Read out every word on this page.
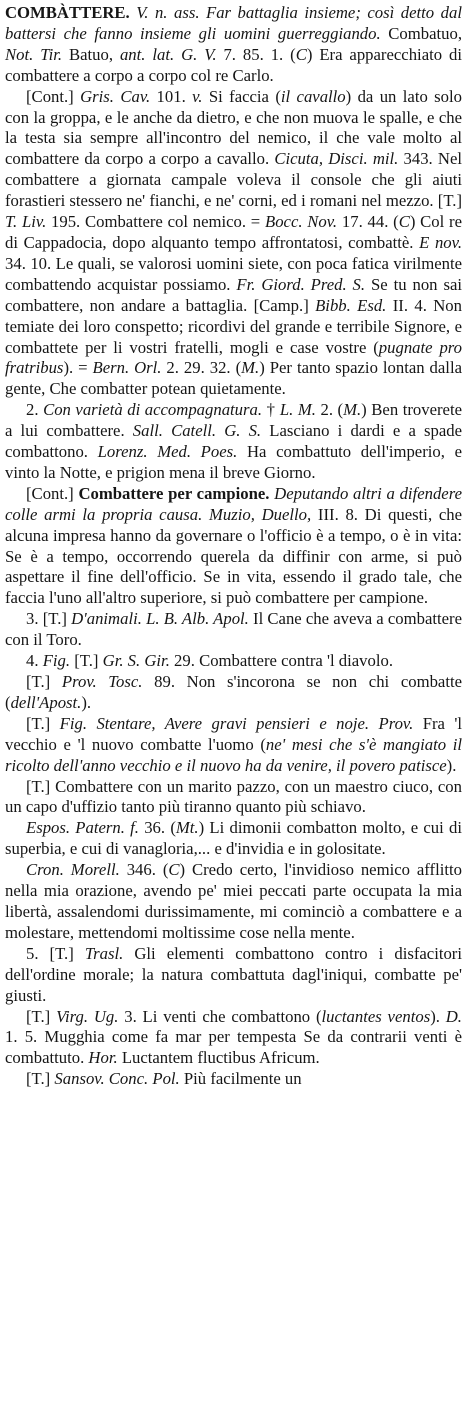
COMBÀTTERE. V. n. ass. Far battaglia insieme; così detto dal battersi che fanno insieme gli uomini guerreggiando. Combatuo, Not. Tir. Batuo, ant. lat. G. V. 7. 85. 1. (C) Era apparecchiato di combattere a corpo a corpo col re Carlo.

[Cont.] Gris. Cav. 101. v. Si faccia (il cavallo) da un lato solo con la groppa, e le anche da dietro, e che non muova le spalle, e che la testa sia sempre all'incontro del nemico, il che vale molto al combattere da corpo a corpo a cavallo. Cicuta, Disci. mil. 343. Nel combattere a giornata campale voleva il console che gli aiuti forastieri stessero ne' fianchi, e ne' corni, ed i romani nel mezzo. [T.] T. Liv. 195. Combattere col nemico. = Bocc. Nov. 17. 44. (C) Col re di Cappadocia, dopo alquanto tempo affrontatosi, combattè. E nov. 34. 10. Le quali, se valorosi uomini siete, con poca fatica virilmente combattendo acquistar possiamo. Fr. Giord. Pred. S. Se tu non sai combattere, non andare a battaglia. [Camp.] Bibb. Esd. II. 4. Non temiate dei loro conspetto; ricordivi del grande e terribile Signore, e combattete per li vostri fratelli, mogli e case vostre (pugnate pro fratribus). = Bern. Orl. 2. 29. 32. (M.) Per tanto spazio lontan dalla gente, Che combatter potean quietamente.

2. Con varietà di accompagnatura. † L. M. 2. (M.) Ben troverete a lui combattere. Sall. Catell. G. S. Lasciano i dardi e a spade combattono. Lorenz. Med. Poes. Ha combattuto dell'imperio, e vinto la Notte, e prigion mena il breve Giorno.

[Cont.] Combattere per campione. Deputando altri a difendere colle armi la propria causa. Muzio, Duello, III. 8. Di questi, che alcuna impresa hanno da governare o l'officio è a tempo, o è in vita: Se è a tempo, occorrendo querela da diffinir con arme, si può aspettare il fine dell'officio. Se in vita, essendo il grado tale, che faccia l'uno all'altro superiore, si può combattere per campione.

3. [T.] D'animali. L. B. Alb. Apol. Il Cane che aveva a combattere con il Toro.

4. Fig. [T.] Gr. S. Gir. 29. Combattere contra 'l diavolo.

[T.] Prov. Tosc. 89. Non s'incorona se non chi combatte (dell'Apost.).

[T.] Fig. Stentare, Avere gravi pensieri e noje. Prov. Fra 'l vecchio e 'l nuovo combatte l'uomo (ne' mesi che s'è mangiato il ricolto dell'anno vecchio e il nuovo ha da venire, il povero patisce).

[T.] Combattere con un marito pazzo, con un maestro ciuco, con un capo d'uffizio tanto più tiranno quanto più schiavo.

Espos. Patern. f. 36. (Mt.) Li dimonii combatton molto, e cui di superbia, e cui di vanagloria,... e d'invidia e in golositate.

Cron. Morell. 346. (C) Credo certo, l'invidioso nemico afflitto nella mia orazione, avendo pe' miei peccati parte occupata la mia libertà, assalendomi durissimamente, mi cominciò a combattere e a molestare, mettendomi moltissime cose nella mente.

5. [T.] Trasl. Gli elementi combattono contro i disfacitori dell'ordine morale; la natura combattuta dagl'iniqui, combatte pe' giusti.

[T.] Virg. Ug. 3. Li venti che combattono (luctantes ventos). D. 1. 5. Mugghia come fa mar per tempesta Se da contrarii venti è combattuto. Hor. Luctantem fluctibus Africum.

[T.] Sansov. Conc. Pol. Più facilmente un
